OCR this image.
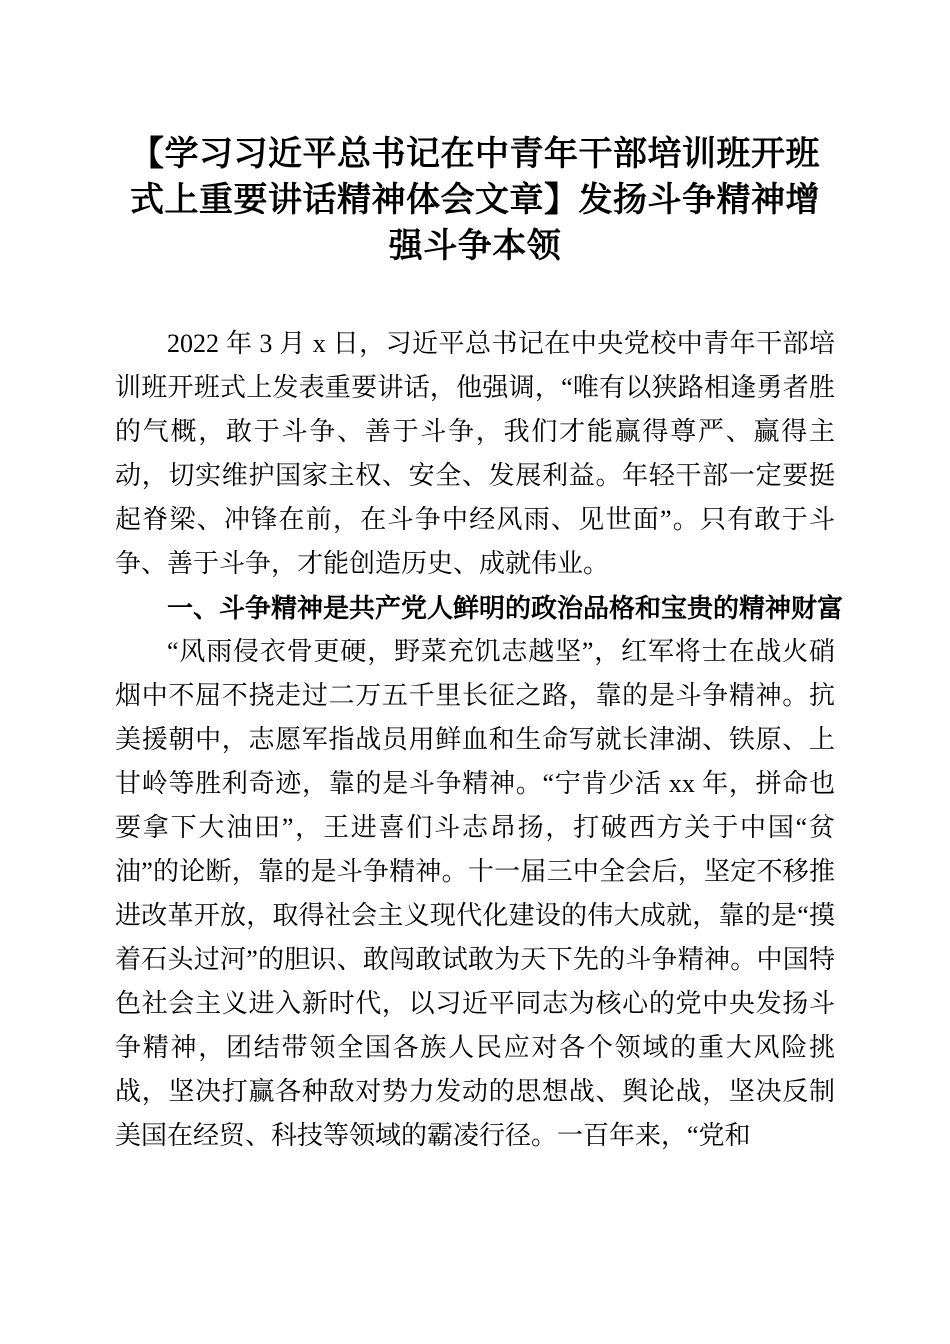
【学习习近平总书记在中青年干部培训班开班式上重要讲话精神体会文章】发扬斗争精神增强斗争本领

2022 年 3 月 x 日，习近平总书记在中央党校中青年干部培训班开班式上发表重要讲话，他强调，“唯有以狭路相逢勇者胜的气概，敢于斗争、善于斗争，我们才能赢得尊严、赢得主动，切实维护国家主权、安全、发展利益。年轻干部一定要挺起脊梁、冲锋在前，在斗争中经风雨、见世面”。只有敢于斗争、善于斗争，才能创造历史、成就伟业。

一、斗争精神是共产党人鲜明的政治品格和宝贵的精神财富

“风雨侵衣骨更硬，野菜充饥志越坚”，红军将士在战火硝烟中不屈不挠走过二万五千里长征之路，靠的是斗争精神。抗美援朝中，志愿军指战员用鲜血和生命写就长津湖、铁原、上甘岭等胜利奇迹，靠的是斗争精神。“宁肯少活 xx 年，拼命也要拿下大油田”，王进喜们斗志昂扬，打破西方关于中国“贫油”的论断，靠的是斗争精神。十一届三中全会后，坚定不移推进改革开放，取得社会主义现代化建设的伟大成就，靠的是“摸着石头过河”的胆识、敢闯敢试敢为天下先的斗争精神。中国特色社会主义进入新时代，以习近平同志为核心的党中央发扬斗争精神，团结带领全国各族人民应对各个领域的重大风险挑战，坚决打赢各种敌对势力发动的思想战、舆论战，坚决反制美国在经贸、科技等领域的霸凌行径。一百年来，“党和
